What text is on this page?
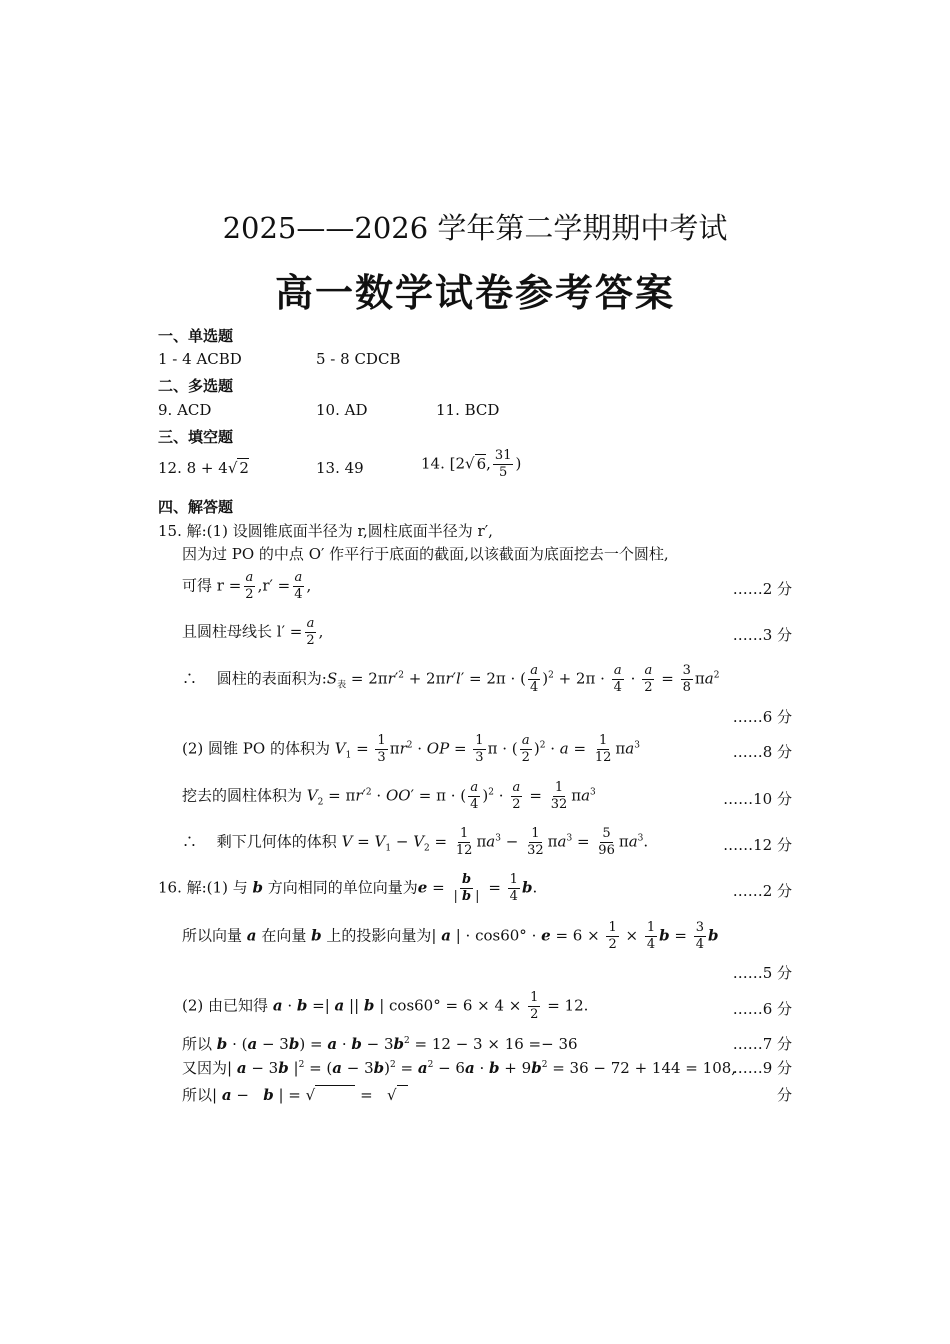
2025——2026 学年第二学期期中考试
高一数学试卷参考答案
一、单选题
1 - 4 ACBD	5 - 8 CDCB
二、多选题
9. ACD	10. AD	11. BCD
三、填空题
12. 8 + 4√ 2	13. 49	14. [2√ 6, $\frac{31}{5}$ )
四、解答题
15. 解:(1) 设圆锥底面半径为 r,圆柱底面半径为 r′,
因为过 PO 的中点 O′ 作平行于底面的截面,以该截面为底面挖去一个圆柱,
可得 $r = \frac{a}{2} ,r' = \frac{a}{4}$ ,	……2 分
且圆柱母线长 $l' = \frac{a}{2}$ ,	……3 分
∴　 圆柱的表面积为$:S_表 = 2\pi r'^2 + 2\pi r'l' = 2\pi$ · ( $\frac{a}{4} )^2 + 2\pi \cdot \frac{a}{4} \cdot \frac{a}{2} = \frac{3}{8} \pi a^2$
……6 分
(2) 圆锥 PO 的体积为 $V_1 = \frac{1}{3} \pi r^2$ · OP = $\frac{1}{3}$ π · ( $\frac{a}{2} )^2 \cdot a = \frac{1}{12} \pi a^3$	……8 分
挖去的圆柱体积为 $V_2 = \pi r'^2 \cdot OO' = \pi$ · ( $\frac{a}{4} )^2 \cdot \frac{a}{2} = \frac{1}{32} \pi a^3$	……10 分
∴　 剩下几何体的体积 $V = V_1 - V_2 = \frac{1}{12} \pi a^3 - \frac{1}{32} \pi a^3 = \frac{5}{96} \pi a^3$.	……12 分
16. 解:(1) 与 b 方向相同的单位向量为$e = \frac{b}{| b |} = \frac{1}{4} b$.	……2 分
所以向量 a 在向量 b 上的投影向量为| a | · $\cos 60^\circ \cdot e = 6 \times \frac{1}{2} \times \frac{1}{4}$ $b = \frac{3}{4}$ b
……5 分
(2) 由已知得 a · b =| a || b | $\cos 60^\circ = 6 \times 4 \times \frac{1}{2} = 12$.	……6 分
所以 $b \cdot (a - 3b) = a \cdot b - 3b^2 = 12 - 3 \times 16 =- 36$	……7 分
又因为| a − 3b $|^2 = (a - 3b)^2 = a^2 - 6a \cdot b + 9b^2 = 36 - 72 + 144 = 108$,
……9 分
所以| a −   b | = √	=   √	分
